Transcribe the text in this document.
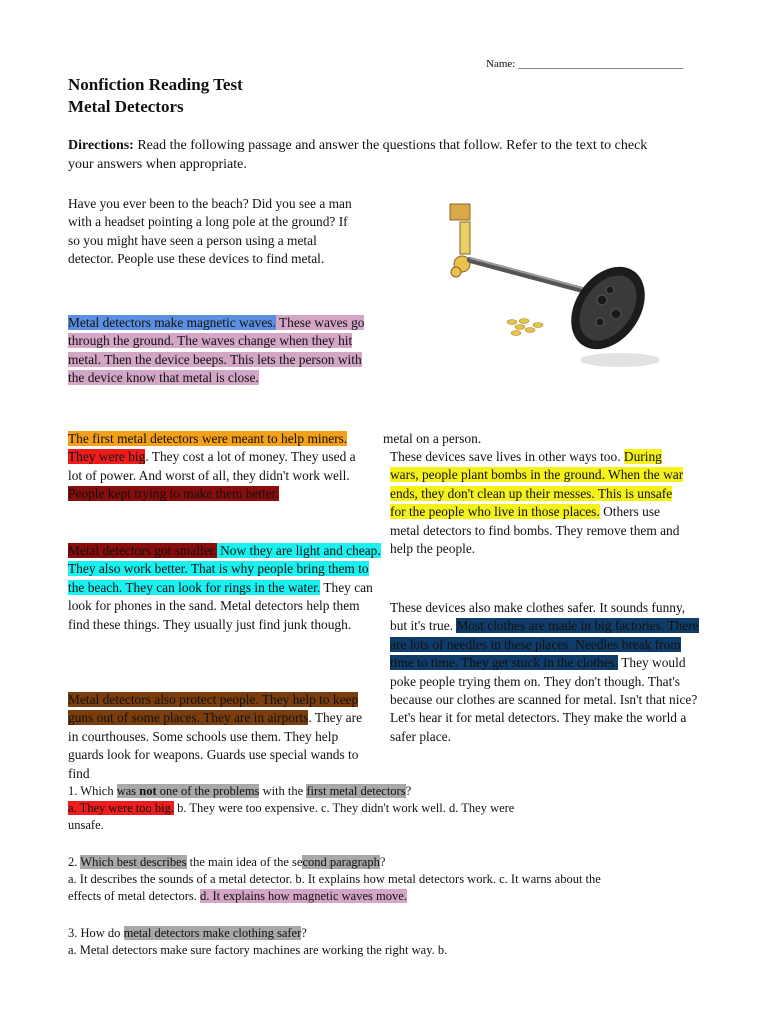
Name: ______________________________
Nonfiction Reading Test
Metal Detectors
Directions: Read the following passage and answer the questions that follow. Refer to the text to check your answers when appropriate.
Have you ever been to the beach? Did you see a man with a headset pointing a long pole at the ground? If so you might have seen a person using a metal detector. People use these devices to find metal.
Metal detectors make magnetic waves. These waves go through the ground. The waves change when they hit metal. Then the device beeps. This lets the person with the device know that metal is close.
The first metal detectors were meant to help miners. They were big. They cost a lot of money. They used a lot of power. And worst of all, they didn't work well. People kept trying to make them better.
Metal detectors got smaller. Now they are light and cheap. They also work better. That is why people bring them to the beach. They can look for rings in the water. They can look for phones in the sand. Metal detectors help them find these things. They usually just find junk though.
Metal detectors also protect people. They help to keep guns out of some places. They are in airports. They are in courthouses. Some schools use them. They help guards look for weapons. Guards use special wands to find
metal on a person.
These devices save lives in other ways too. During wars, people plant bombs in the ground. When the war ends, they don't clean up their messes. This is unsafe for the people who live in those places. Others use metal detectors to find bombs. They remove them and help the people.
These devices also make clothes safer. It sounds funny, but it's true. Most clothes are made in big factories. There are lots of needles in these places. Needles break from time to time. They get stuck in the clothes. They would poke people trying them on. They don't though. That's because our clothes are scanned for metal. Isn't that nice? Let's hear it for metal detectors. They make the world a safer place.
1. Which was not one of the problems with the first metal detectors?
a. They were too big. b. They were too expensive. c. They didn't work well. d. They were unsafe.
2. Which best describes the main idea of the second paragraph?
a. It describes the sounds of a metal detector. b. It explains how metal detectors work. c. It warns about the effects of metal detectors. d. It explains how magnetic waves move.
3. How do metal detectors make clothing safer?
a. Metal detectors make sure factory machines are working the right way. b.
